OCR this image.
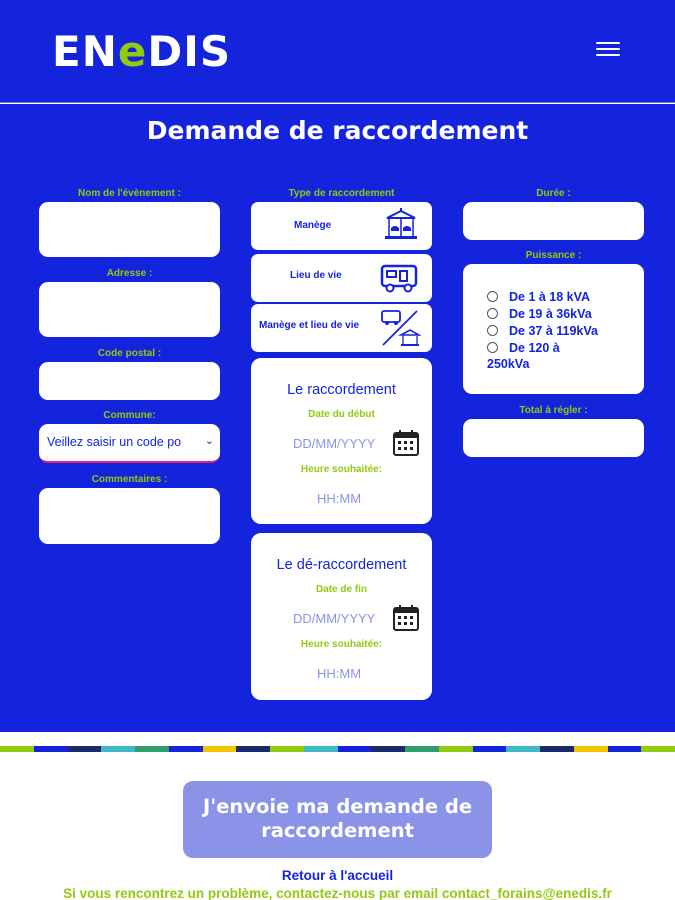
ENeDIS
Demande de raccordement
Nom de l'évènement :
Adresse :
Code postal :
Commune:
Veillez saisir un code po ⌄
Commentaires :
Type de raccordement
Manège
Lieu de vie
Manège et lieu de vie
Le raccordement
Date du début
DD/MM/YYYY
Heure souhaitée:
HH:MM
Le dé-raccordement
Date de fin
DD/MM/YYYY
Heure souhaitée:
HH:MM
Durée :
Puissance :
De 1 à 18 kVA
De 19 à 36kVa
De 37 à 119kVa
De 120 à
250kVa
Total à régler :
J'envoie ma demande de
raccordement
Retour à l'accueil
Si vous rencontrez un problème, contactez-nous par email contact_forains@enedis.fr
